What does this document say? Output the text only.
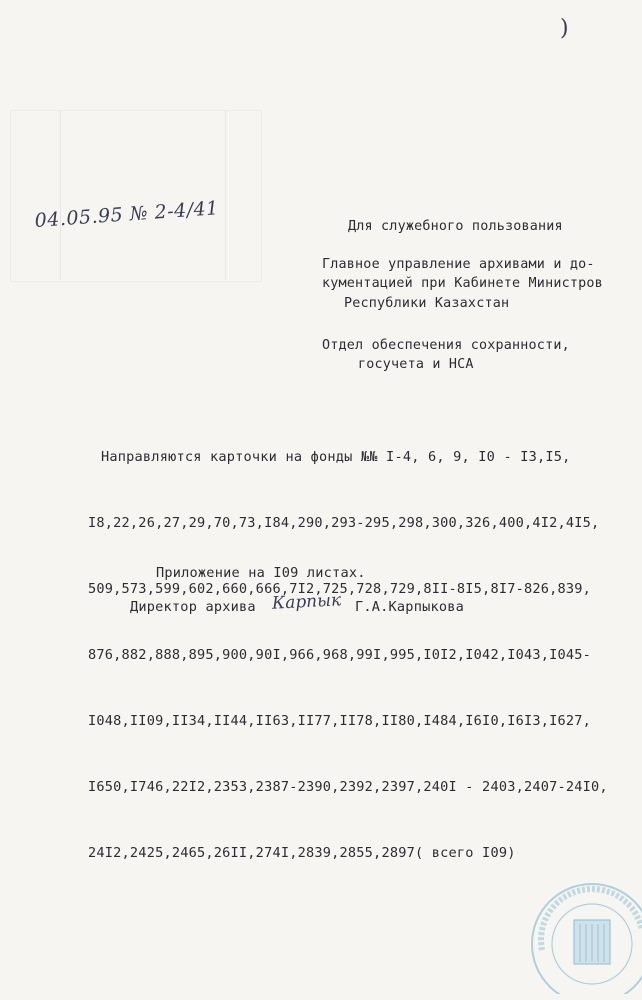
)
04.05.95 № 2-4/41	Для служебного пользования
Главное управление архивами и до-
кументацией при Кабинете Министров
Республики Казахстан
Отдел обеспечения сохранности,
госучета и НСА

Направляются карточки на фонды №№ I-4, 6, 9, I0 - I3,I5,

I8,22,26,27,29,70,73,I84,290,293-295,298,300,326,400,4I2,4I5,

509,573,599,602,660,666,7I2,725,728,729,8II-8I5,8I7-826,839,

876,882,888,895,900,90I,966,968,99I,995,I0I2,I042,I043,I045-

I048,II09,II34,II44,II63,II77,II78,II80,I484,I6I0,I6I3,I627,

I650,I746,22I2,2353,2387-2390,2392,2397,240I - 2403,2407-24I0,

24I2,2425,2465,26II,274I,2839,2855,2897( всего I09)

Приложение на I09 листах.
Директор архива Карпык Г.А.Карпыкова
